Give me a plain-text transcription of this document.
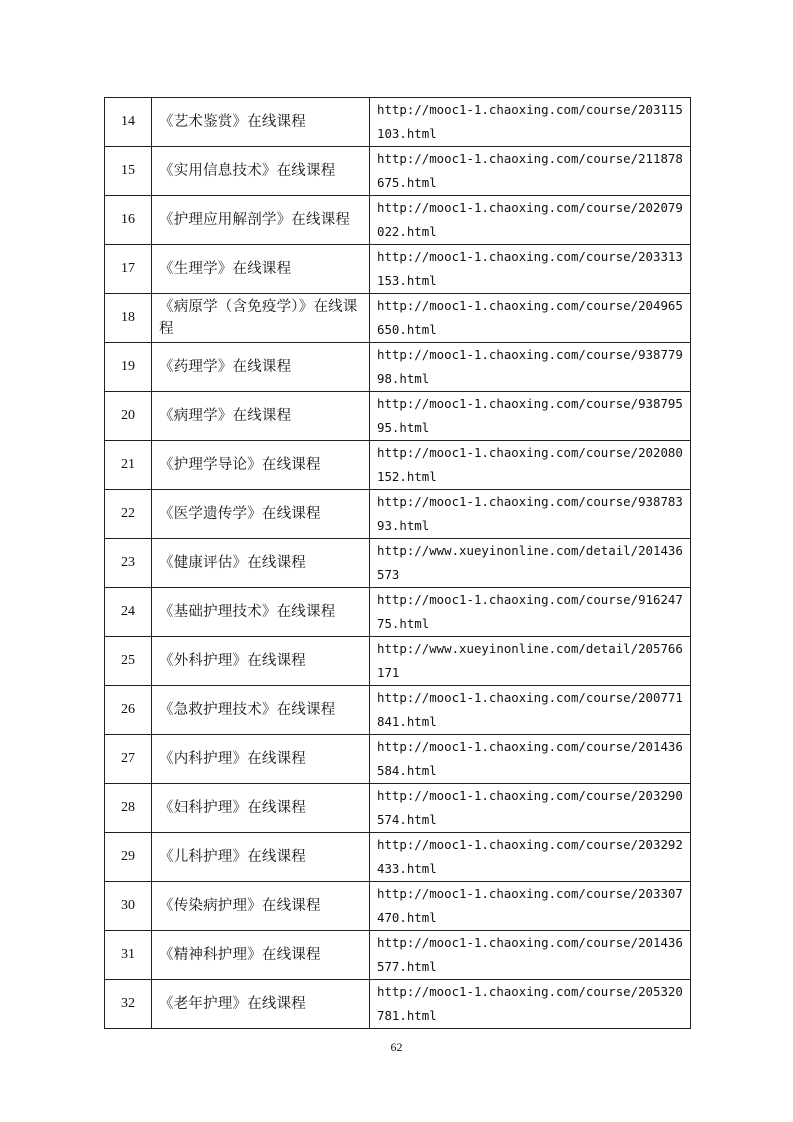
14	《艺术鉴赏》在线课程	http://mooc1-1.chaoxing.com/course/203115103.html
15	《实用信息技术》在线课程	http://mooc1-1.chaoxing.com/course/211878675.html
16	《护理应用解剖学》在线课程	http://mooc1-1.chaoxing.com/course/202079022.html
17	《生理学》在线课程	http://mooc1-1.chaoxing.com/course/203313153.html
18	《病原学（含免疫学）》在线课程	http://mooc1-1.chaoxing.com/course/204965650.html
19	《药理学》在线课程	http://mooc1-1.chaoxing.com/course/93877998.html
20	《病理学》在线课程	http://mooc1-1.chaoxing.com/course/93879595.html
21	《护理学导论》在线课程	http://mooc1-1.chaoxing.com/course/202080152.html
22	《医学遗传学》在线课程	http://mooc1-1.chaoxing.com/course/93878393.html
23	《健康评估》在线课程	http://www.xueyinonline.com/detail/201436573
24	《基础护理技术》在线课程	http://mooc1-1.chaoxing.com/course/91624775.html
25	《外科护理》在线课程	http://www.xueyinonline.com/detail/205766171
26	《急救护理技术》在线课程	http://mooc1-1.chaoxing.com/course/200771841.html
27	《内科护理》在线课程	http://mooc1-1.chaoxing.com/course/201436584.html
28	《妇科护理》在线课程	http://mooc1-1.chaoxing.com/course/203290574.html
29	《儿科护理》在线课程	http://mooc1-1.chaoxing.com/course/203292433.html
30	《传染病护理》在线课程	http://mooc1-1.chaoxing.com/course/203307470.html
31	《精神科护理》在线课程	http://mooc1-1.chaoxing.com/course/201436577.html
32	《老年护理》在线课程	http://mooc1-1.chaoxing.com/course/205320781.html
62
